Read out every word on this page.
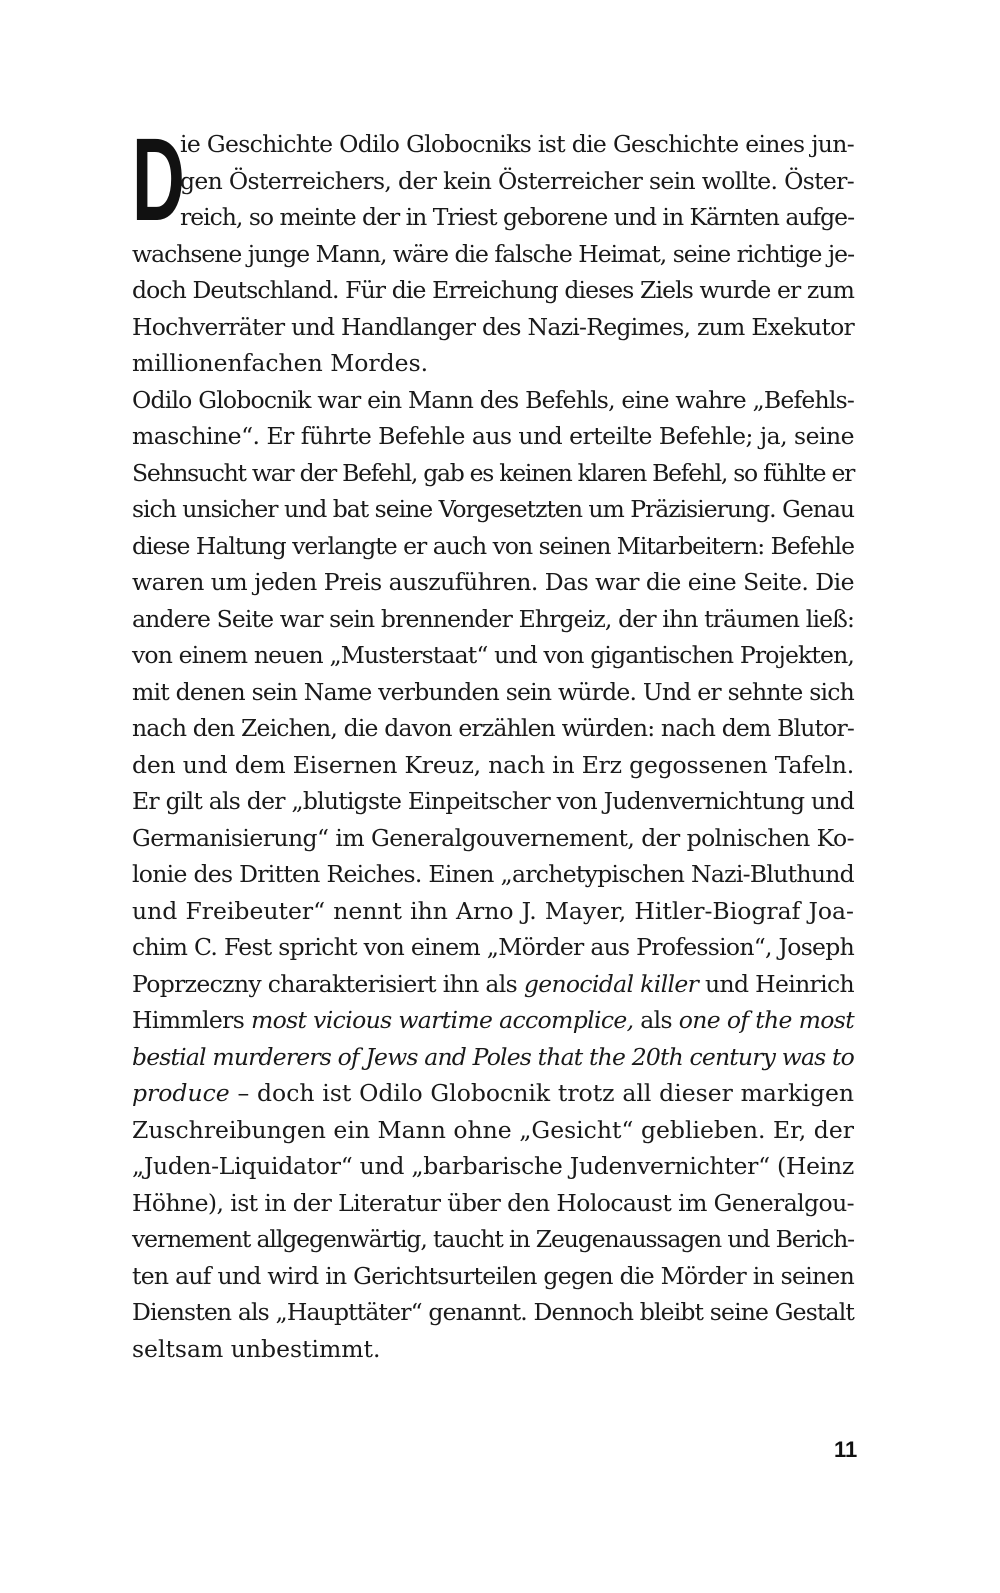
D
ie Geschichte Odilo Globocniks ist die Geschichte eines jun-
gen Österreichers, der kein Österreicher sein wollte. Öster-
reich, so meinte der in Triest geborene und in Kärnten aufge-
wachsene junge Mann, wäre die falsche Heimat, seine richtige je-
doch Deutschland. Für die Erreichung dieses Ziels wurde er zum
Hochverräter und Handlanger des Nazi-Regimes, zum Exekutor
millionenfachen Mordes.
Odilo Globocnik war ein Mann des Befehls, eine wahre „Befehls-
maschine“. Er führte Befehle aus und erteilte Befehle; ja, seine
Sehnsucht war der Befehl, gab es keinen klaren Befehl, so fühlte er
sich unsicher und bat seine Vorgesetzten um Präzisierung. Genau
diese Haltung verlangte er auch von seinen Mitarbeitern: Befehle
waren um jeden Preis auszuführen. Das war die eine Seite. Die
andere Seite war sein brennender Ehrgeiz, der ihn träumen ließ:
von einem neuen „Musterstaat“ und von gigantischen Projekten,
mit denen sein Name verbunden sein würde. Und er sehnte sich
nach den Zeichen, die davon erzählen würden: nach dem Blutor-
den und dem Eisernen Kreuz, nach in Erz gegossenen Tafeln.
Er gilt als der „blutigste Einpeitscher von Judenvernichtung und
Germanisierung“ im Generalgouvernement, der polnischen Ko-
lonie des Dritten Reiches. Einen „archetypischen Nazi-Bluthund
und Freibeuter“ nennt ihn Arno J. Mayer, Hitler-Biograf Joa-
chim C. Fest spricht von einem „Mörder aus Profession“, Joseph
Poprzeczny charakterisiert ihn als genocidal killer und Heinrich
Himmlers most vicious wartime accomplice, als one of the most
bestial murderers of Jews and Poles that the 20th century was to
produce – doch ist Odilo Globocnik trotz all dieser markigen
Zuschreibungen ein Mann ohne „Gesicht“ geblieben. Er, der
„Juden-Liquidator“ und „barbarische Judenvernichter“ (Heinz
Höhne), ist in der Literatur über den Holocaust im Generalgou-
vernement allgegenwärtig, taucht in Zeugenaussagen und Berich-
ten auf und wird in Gerichtsurteilen gegen die Mörder in seinen
Diensten als „Haupttäter“ genannt. Dennoch bleibt seine Gestalt
seltsam unbestimmt.
11
